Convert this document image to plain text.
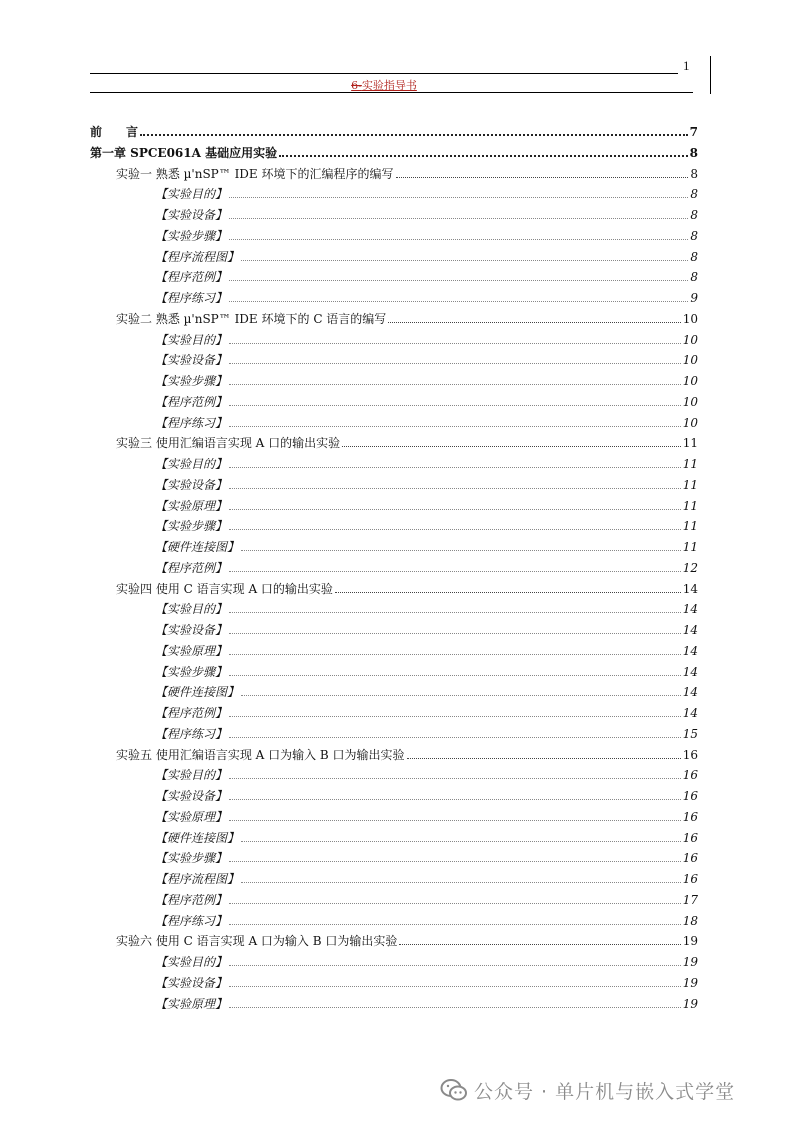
1
6-实验指导书
前　　言	7
第一章 SPCE061A 基础应用实验	8
实验一 熟悉 µ'nSP™ IDE 环境下的汇编程序的编写	8
【实验目的】	8
【实验设备】	8
【实验步骤】	8
【程序流程图】	8
【程序范例】	8
【程序练习】	9
实验二 熟悉 µ'nSP™ IDE 环境下的 C 语言的编写	10
【实验目的】	10
【实验设备】	10
【实验步骤】	10
【程序范例】	10
【程序练习】	10
实验三 使用汇编语言实现 A 口的输出实验	11
【实验目的】	11
【实验设备】	11
【实验原理】	11
【实验步骤】	11
【硬件连接图】	11
【程序范例】	12
实验四 使用 C 语言实现 A 口的输出实验	14
【实验目的】	14
【实验设备】	14
【实验原理】	14
【实验步骤】	14
【硬件连接图】	14
【程序范例】	14
【程序练习】	15
实验五 使用汇编语言实现 A 口为输入 B 口为输出实验	16
【实验目的】	16
【实验设备】	16
【实验原理】	16
【硬件连接图】	16
【实验步骤】	16
【程序流程图】	16
【程序范例】	17
【程序练习】	18
实验六 使用 C 语言实现 A 口为输入 B 口为输出实验	19
【实验目的】	19
【实验设备】	19
【实验原理】	19
公众号 · 单片机与嵌入式学堂
